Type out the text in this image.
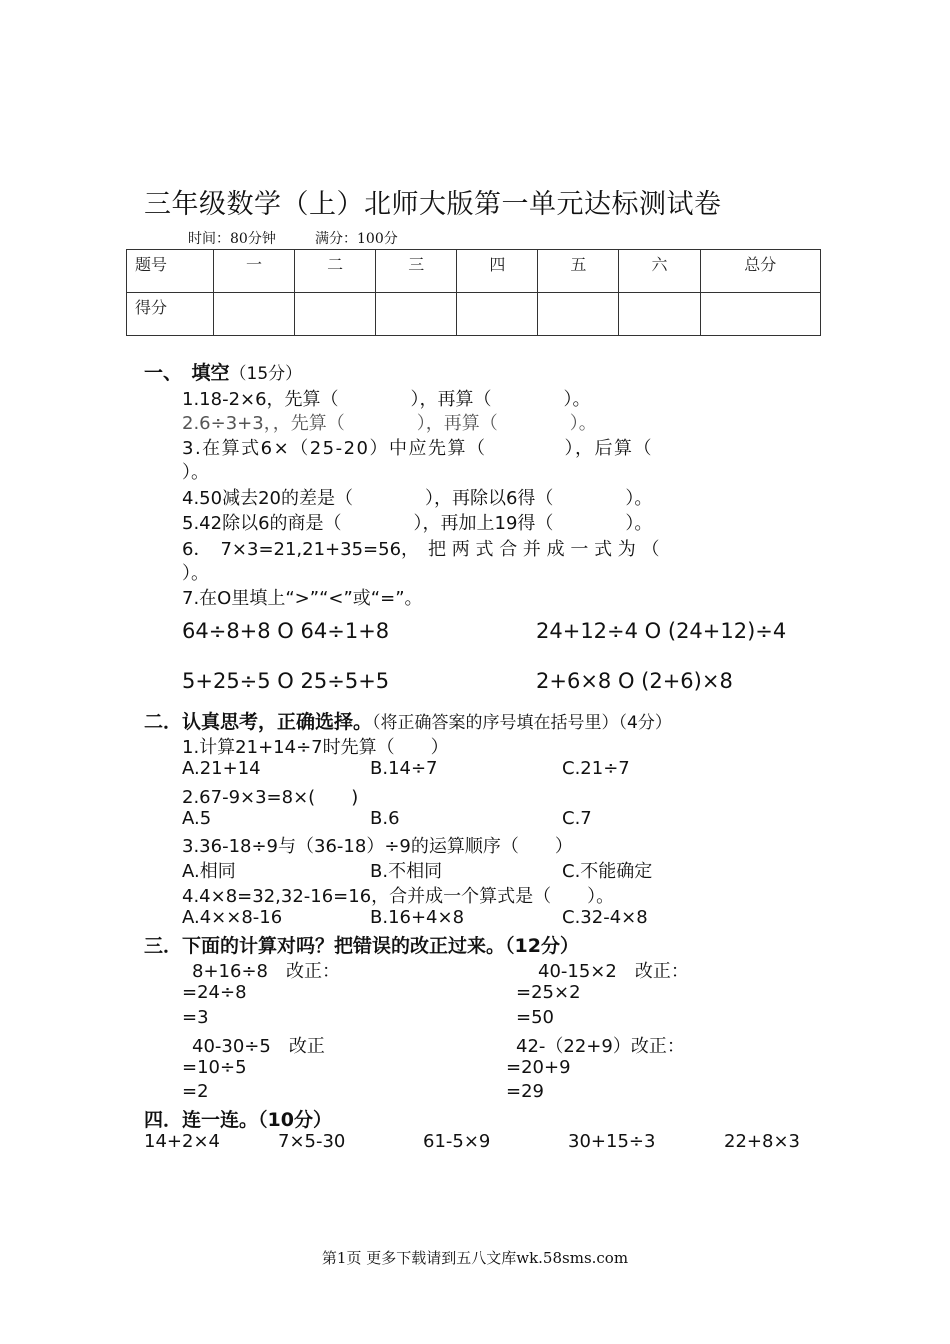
三年级数学（上）北师大版第一单元达标测试卷
时间：80分钟	满分：100分
题号	一	二	三	四	五	六	总分
得分							
一、　填空（15分）
1.18-2×6，先算（　　　　），再算（　　　　）。
2.6÷3+3，，先算（　　　　），再算（　　　　）。
3.在算式6×（25-20）中应先算（　　　　），后算（
）。
4.50减去20的差是（　　　　），再除以6得（　　　　）。
5.42除以6的商是（　　　　），再加上19得（　　　　）。
6．　7×3=21,21+35=56，　把 两 式 合 并 成 一 式 为 （
）。
7.在O里填上“>”“<”或“=”。
64÷8+8 O 64÷1+8	24+12÷4 O (24+12)÷4
5+25÷5 O 25÷5+5	2+6×8 O (2+6)×8
二．认真思考，正确选择。（将正确答案的序号填在括号里）（4分）
1.计算21+14÷7时先算（　　）
A.21+14	B.14÷7	C.21÷7
2.67-9×3=8×(　　)
A.5	B.6	C.7
3.36-18÷9与（36-18）÷9的运算顺序（　　）
A.相同	B.不相同	C.不能确定
4.4×8=32,32-16=16，合并成一个算式是（　　）。
A.4××8-16	B.16+4×8	C.32-4×8
三．下面的计算对吗？把错误的改正过来。（12分）
8+16÷8　改正：
=24÷8
=3
40-30÷5　改正
=10÷5
=2
40-15×2　改正：
=25×2
=50
42-（22+9）改正：
=20+9
=29
四．连一连。（10分）
14+2×4	7×5-30	61-5×9	30+15÷3	22+8×3
第1页 更多下载请到五八文库wk.58sms.com
